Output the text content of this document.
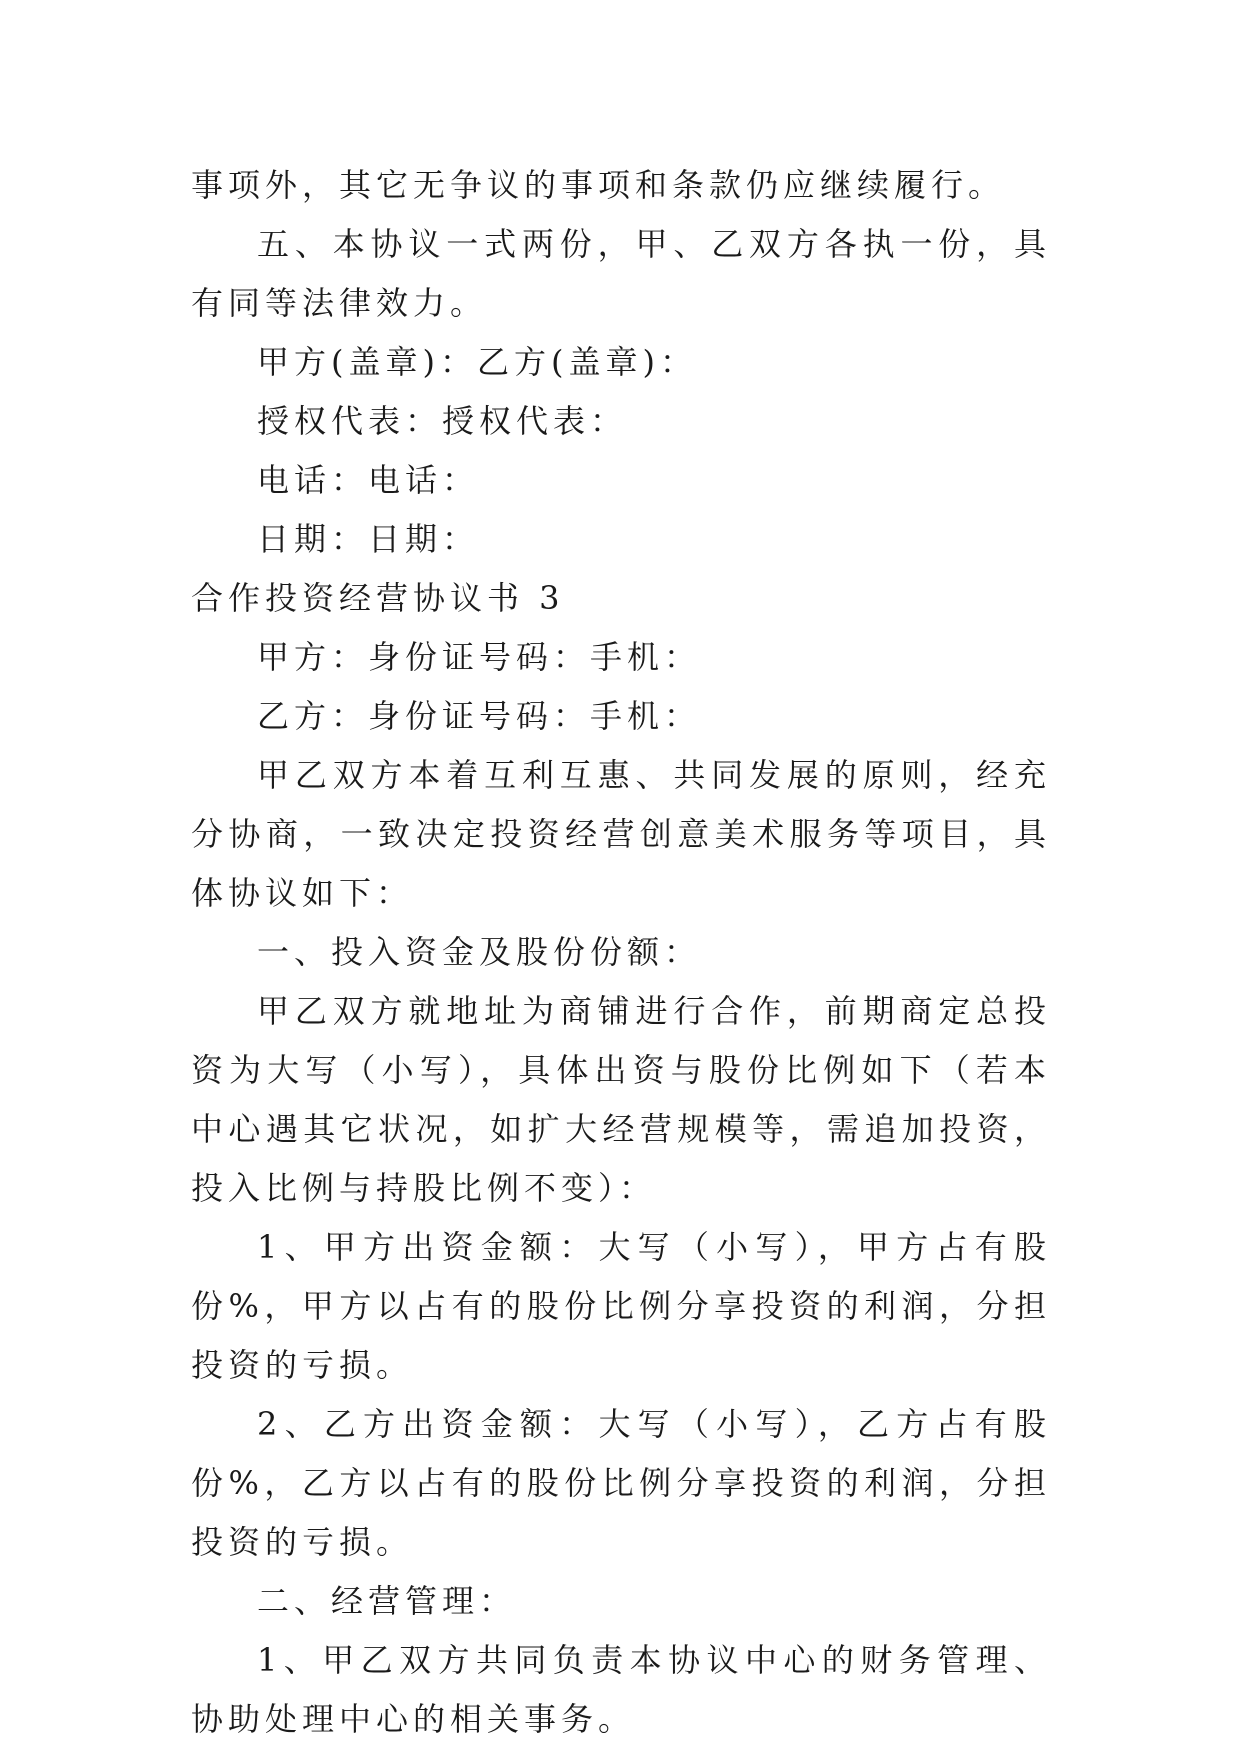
事项外，其它无争议的事项和条款仍应继续履行。

五、本协议一式两份，甲、乙双方各执一份，具有同等法律效力。

甲方(盖章)：乙方(盖章)：

授权代表：授权代表：

电话：电话：

日期：日期：

合作投资经营协议书 3

甲方：身份证号码：手机：

乙方：身份证号码：手机：

甲乙双方本着互利互惠、共同发展的原则，经充分协商，一致决定投资经营创意美术服务等项目，具体协议如下：

一、投入资金及股份份额：

甲乙双方就地址为商铺进行合作，前期商定总投资为大写（小写），具体出资与股份比例如下（若本中心遇其它状况，如扩大经营规模等，需追加投资，投入比例与持股比例不变）：

1、甲方出资金额：大写（小写），甲方占有股份%，甲方以占有的股份比例分享投资的利润，分担投资的亏损。

2、乙方出资金额：大写（小写），乙方占有股份%，乙方以占有的股份比例分享投资的利润，分担投资的亏损。

二、经营管理：

1、甲乙双方共同负责本协议中心的财务管理、协助处理中心的相关事务。
